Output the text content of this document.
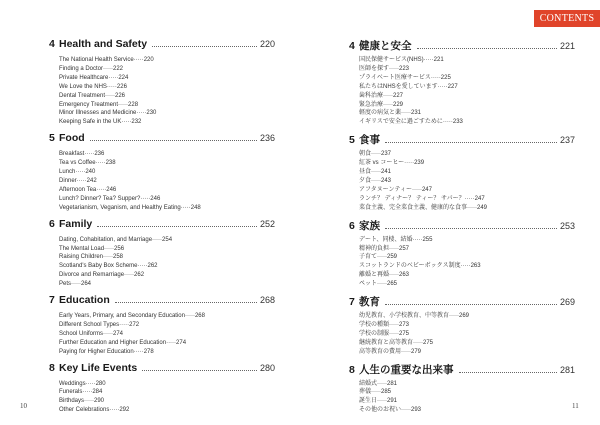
CONTENTS
4 Health and Safety	220
The National Health Service·····220
Finding a Doctor·····222
Private Healthcare·····224
We Love the NHS·····226
Dental Treatment·····226
Emergency Treatment·····228
Minor Illnesses and Medicine·····230
Keeping Safe in the UK·····232
5 Food	236
Breakfast·····236
Tea vs Coffee·····238
Lunch·····240
Dinner·····242
Afternoon Tea·····246
Lunch? Dinner? Tea? Supper?·····246
Vegetarianism, Veganism, and Healthy Eating·····248
6 Family	252
Dating, Cohabitation, and Marriage·····254
The Mental Load·····256
Raising Children·····258
Scotland's Baby Box Scheme·····262
Divorce and Remarriage·····262
Pets·····264
7 Education	268
Early Years, Primary, and Secondary Education·····268
Different School Types·····272
School Uniforms·····274
Further Education and Higher Education·····274
Paying for Higher Education·····278
8 Key Life Events	280
Weddings·····280
Funerals·····284
Birthdays·····290
Other Celebrations·····292
4 健康と安全	221
国民保健サービス(NHS)·····221
医師を探す·····223
プライベート医療サービス·····225
私たちはNHSを愛しています·····227
歯科治療·····227
緊急治療·····229
軽度の病気と薬·····231
イギリスで安全に過ごすために·····233
5 食事	237
朝食·····237
紅茶 vs コーヒー·····239
昼食·····241
夕食·····243
アフタヌーンティー·····247
ランチ？ ディナー？ ティー？ サパー？·····247
菜食主義、完全菜食主義、健康的な食事·····249
6 家族	253
デート、同棲、結婚·····255
精神的負担·····257
子育て·····259
スコットランドのベビーボックス制度·····263
離婚と再婚·····263
ペット·····265
7 教育	269
幼児教育、小学校教育、中等教育·····269
学校の種類·····273
学校の制服·····275
継続教育と高等教育·····275
高等教育の費用·····279
8 人生の重要な出来事	281
結婚式·····281
葬儀·····285
誕生日·····291
その他のお祝い·····293
10	11
